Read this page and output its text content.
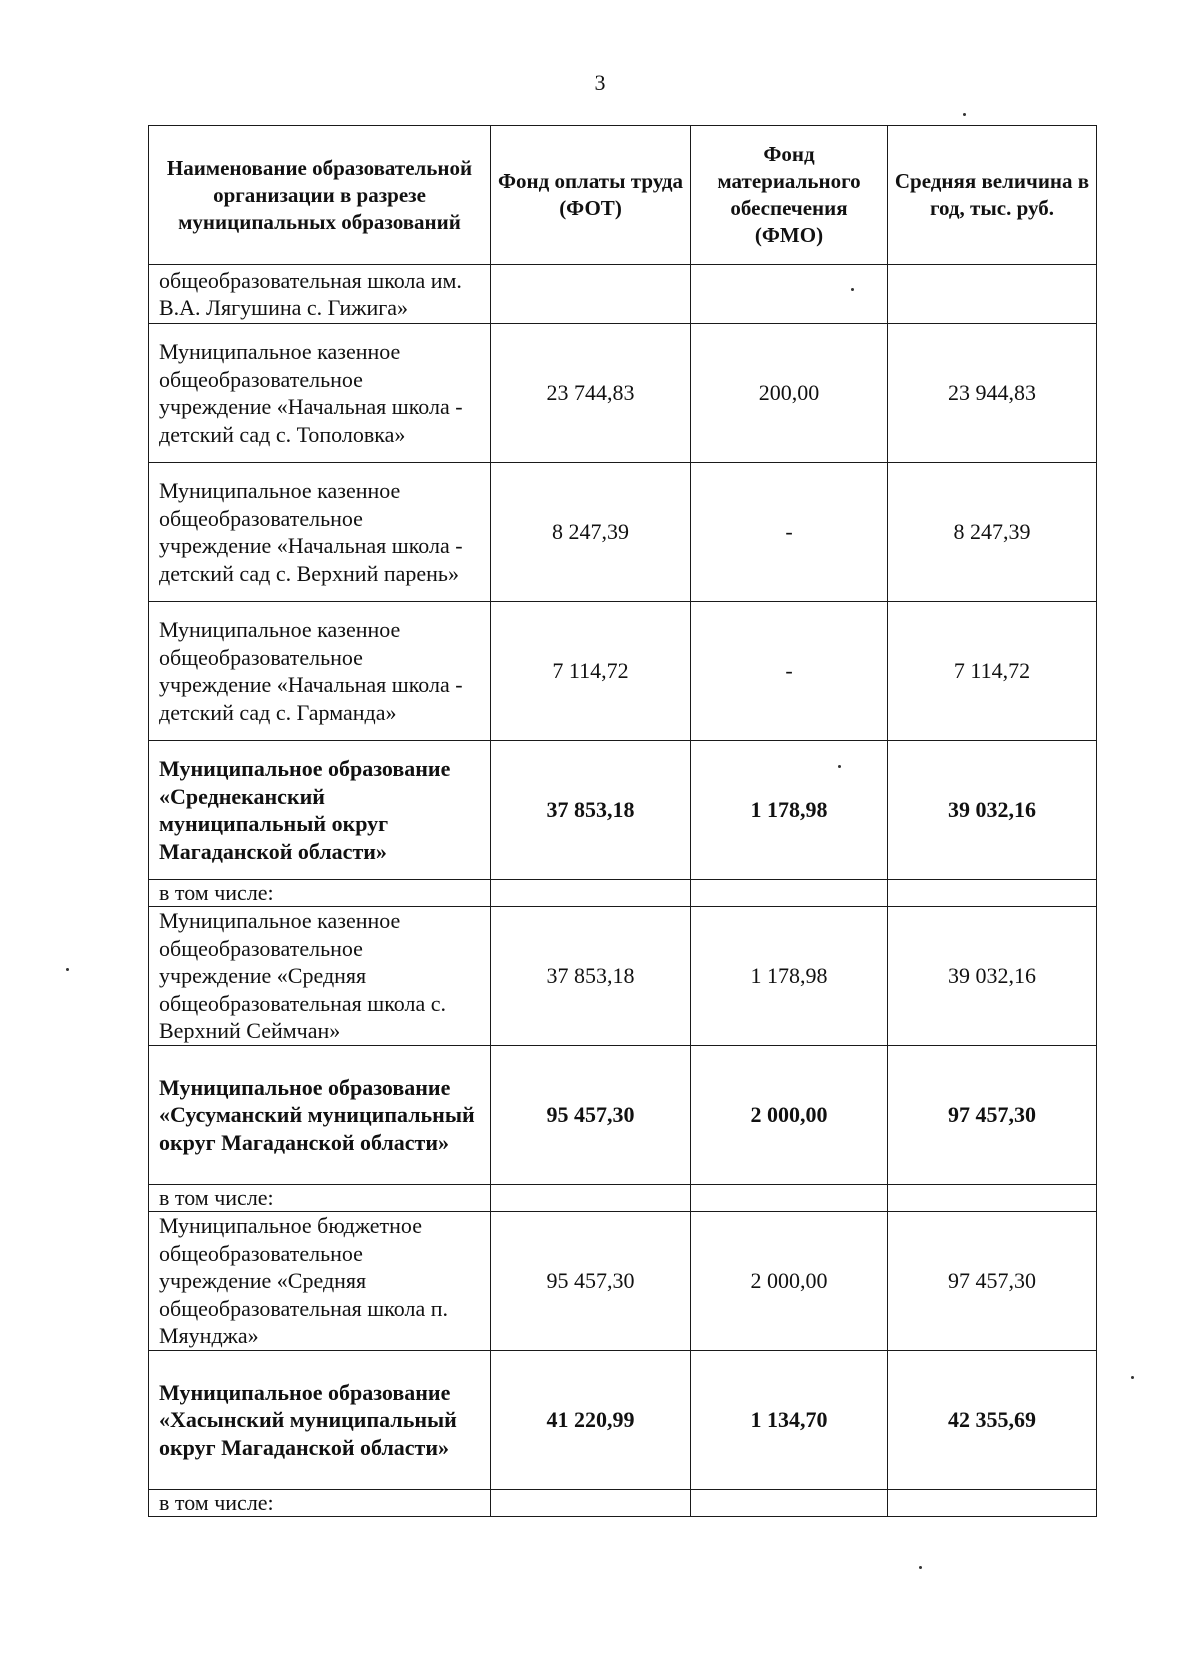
3
Наименование образовательной организации в разрезе муниципальных образований	Фонд оплаты труда (ФОТ)	Фонд материального обеспечения (ФМО)	Средняя величина в год, тыс. руб.
общеобразовательная школа им. В.А. Лягушина с. Гижига»			
Муниципальное казенное общеобразовательное учреждение «Начальная школа - детский сад с. Тополовка»	23 744,83	200,00	23 944,83
Муниципальное казенное общеобразовательное учреждение «Начальная школа - детский сад с. Верхний парень»	8 247,39	-	8 247,39
Муниципальное казенное общеобразовательное учреждение «Начальная школа - детский сад с. Гарманда»	7 114,72	-	7 114,72
Муниципальное образование «Среднеканский муниципальный округ Магаданской области»	37 853,18	1 178,98	39 032,16
в том числе:			
Муниципальное казенное общеобразовательное учреждение «Средняя общеобразовательная школа с. Верхний Сеймчан»	37 853,18	1 178,98	39 032,16
Муниципальное образование «Сусуманский муниципальный округ Магаданской области»	95 457,30	2 000,00	97 457,30
в том числе:			
Муниципальное бюджетное общеобразовательное учреждение «Средняя общеобразовательная школа п. Мяунджа»	95 457,30	2 000,00	97 457,30
Муниципальное образование «Хасынский муниципальный округ Магаданской области»	41 220,99	1 134,70	42 355,69
в том числе:			
